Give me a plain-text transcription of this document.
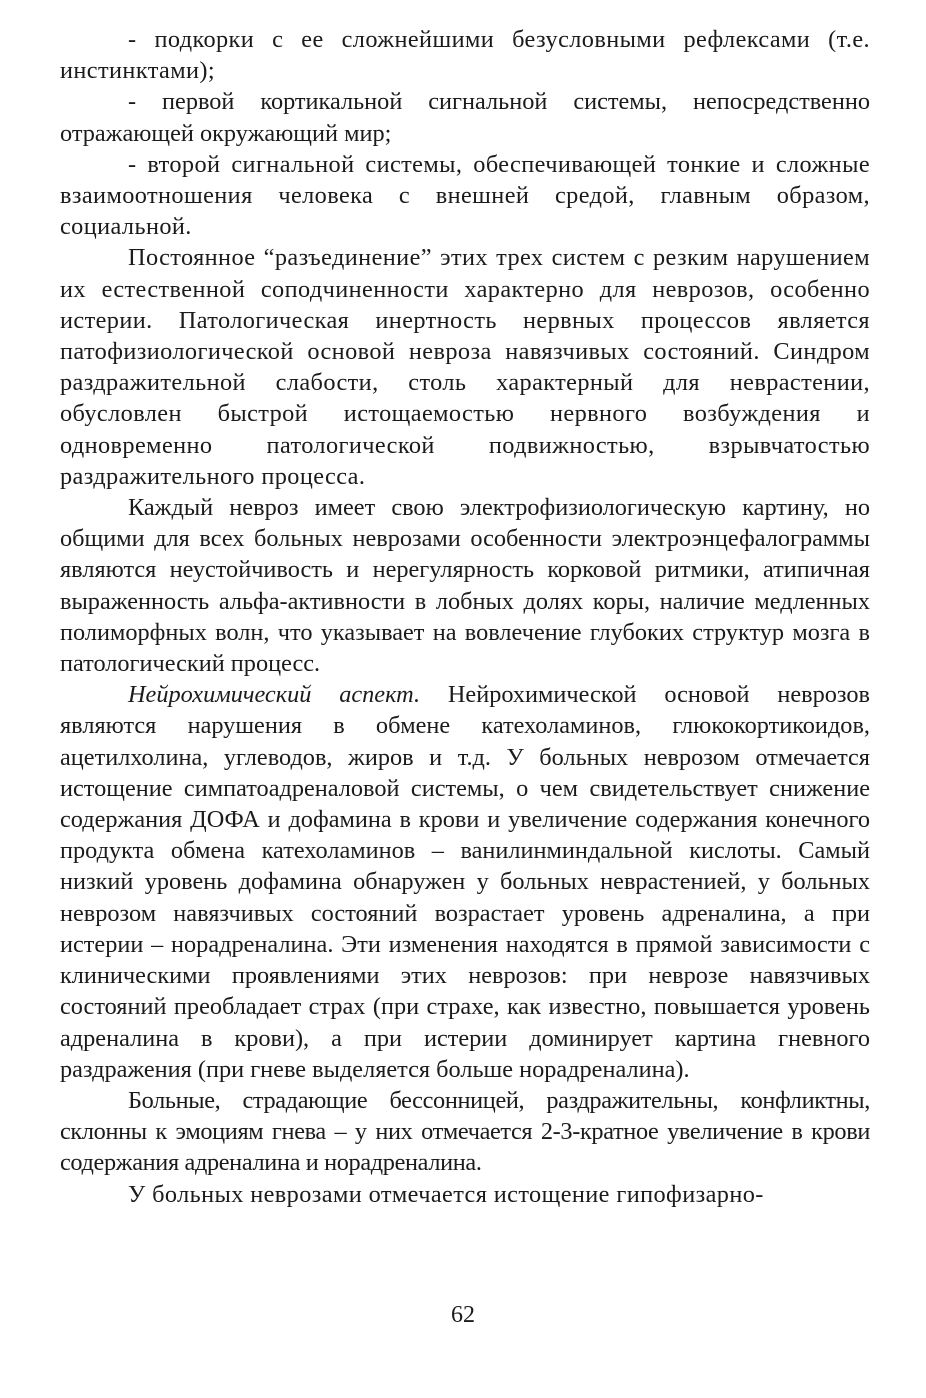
- подкорки с ее сложнейшими безусловными рефлексами (т.е. инстинктами);

- первой кортикальной сигнальной системы, непосредственно отражающей окружающий мир;

- второй сигнальной системы, обеспечивающей тонкие и сложные взаимоотношения человека с внешней средой, главным образом, социальной.

Постоянное “разъединение” этих трех систем с резким нарушением их естественной соподчиненности характерно для неврозов, особенно истерии. Патологическая инертность нервных процессов является патофизиологической основой невроза навязчивых состояний. Синдром раздражительной слабости, столь характерный для неврастении, обусловлен быстрой истощаемостью нервного возбуждения и одновременно патологической подвижностью, взрывчатостью раздражительного процесса.

Каждый невроз имеет свою электрофизиологическую картину, но общими для всех больных неврозами особенности электроэнцефалограммы являются неустойчивость и нерегулярность корковой ритмики, атипичная выраженность альфа-активности в лобных долях коры, наличие медленных полиморфных волн, что указывает на вовлечение глубоких структур мозга в патологический процесс.

Нейрохимический аспект. Нейрохимической основой неврозов являются нарушения в обмене катехоламинов, глюкокортикоидов, ацетилхолина, углеводов, жиров и т.д. У больных неврозом отмечается истощение симпатоадреналовой системы, о чем свидетельствует снижение содержания ДОФА и дофамина в крови и увеличение содержания конечного продукта обмена катехоламинов – ванилинминдальной кислоты. Самый низкий уровень дофамина обнаружен у больных неврастенией, у больных неврозом навязчивых состояний возрастает уровень адреналина, а при истерии – норадреналина. Эти изменения находятся в прямой зависимости с клиническими проявлениями этих неврозов: при неврозе навязчивых состояний преобладает страх (при страхе, как известно, повышается уровень адреналина в крови), а при истерии доминирует картина гневного раздражения (при гневе выделяется больше норадреналина).

Больные, страдающие бессонницей, раздражительны, конфликтны, склонны к эмоциям гнева – у них отмечается 2-3-кратное увеличение в крови содержания адреналина и норадреналина.

У больных неврозами отмечается истощение гипофизарно-

62
